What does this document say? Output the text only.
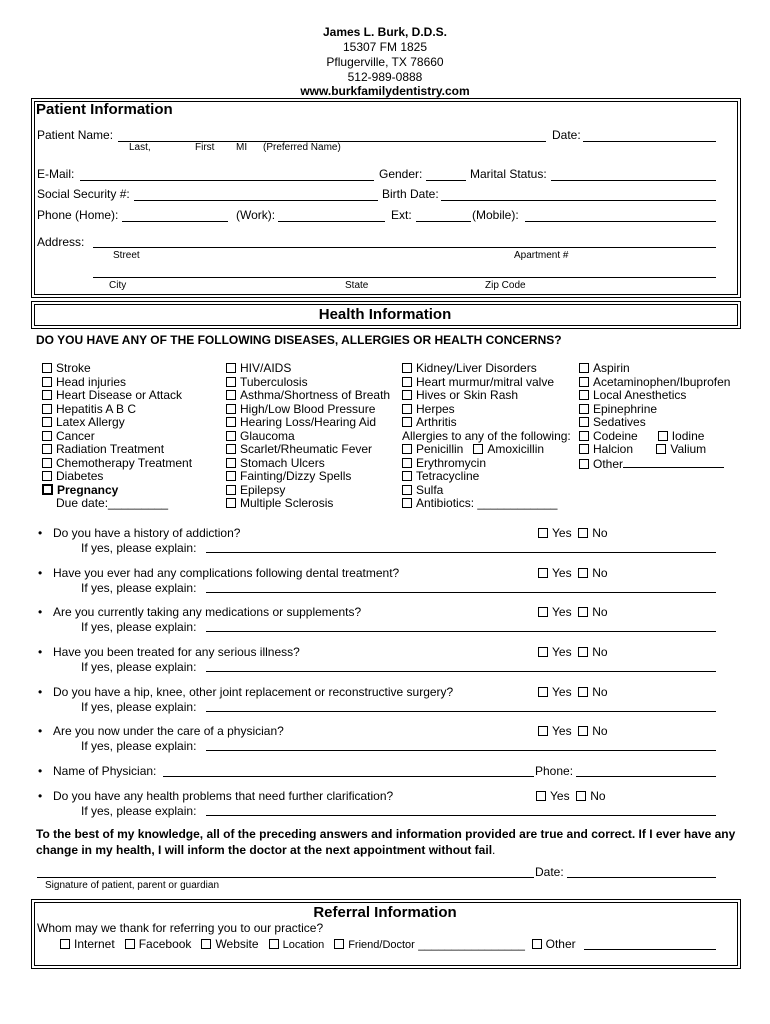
James L. Burk, D.D.S.
15307 FM 1825
Pflugerville, TX 78660
512-989-0888
www.burkfamilydentistry.com
Patient Information
Patient Name:	Date:
Last,	First MI (Preferred Name)
E-Mail:	Gender:	Marital Status:
Social Security #:	Birth Date:
Phone (Home):	(Work):	Ext:	(Mobile):
Address:
Street	Apartment #
City	State	Zip Code
Health Information
DO YOU HAVE ANY OF THE FOLLOWING DISEASES, ALLERGIES OR HEALTH CONCERNS?
Stroke
Head injuries
Heart Disease or Attack
Hepatitis A B C
Latex Allergy
Cancer
Radiation Treatment
Chemotherapy Treatment
Diabetes
Pregnancy
Due date:_________
HIV/AIDS
Tuberculosis
Asthma/Shortness of Breath
High/Low Blood Pressure
Hearing Loss/Hearing Aid
Glaucoma
Scarlet/Rheumatic Fever
Stomach Ulcers
Fainting/Dizzy Spells
Epilepsy
Multiple Sclerosis
Kidney/Liver Disorders
Heart murmur/mitral valve
Hives or Skin Rash
Herpes
Arthritis
Allergies to any of the following:
Penicillin Amoxicillin
Erythromycin
Tetracycline
Sulfa
Antibiotics: ____________
Aspirin
Acetaminophen/Ibuprofen
Local Anesthetics
Epinephrine
Sedatives
Codeine	Iodine
Halcion	Valium
Other
• Do you have a history of addiction?	Yes No
If yes, please explain:
• Have you ever had any complications following dental treatment?	Yes No
If yes, please explain:
• Are you currently taking any medications or supplements?	Yes No
If yes, please explain:
• Have you been treated for any serious illness?	Yes No
If yes, please explain:
• Do you have a hip, knee, other joint replacement or reconstructive surgery?	Yes No
If yes, please explain:
• Are you now under the care of a physician?	Yes No
If yes, please explain:
• Name of Physician:	Phone:
• Do you have any health problems that need further clarification?	Yes No
If yes, please explain:
To the best of my knowledge, all of the preceding answers and information provided are true and correct. If I ever have any change in my health, I will inform the doctor at the next appointment without fail.
Date:
Signature of patient, parent or guardian
Referral Information
Whom may we thank for referring you to our practice?
Internet Facebook Website Location Friend/Doctor ________________ Other
